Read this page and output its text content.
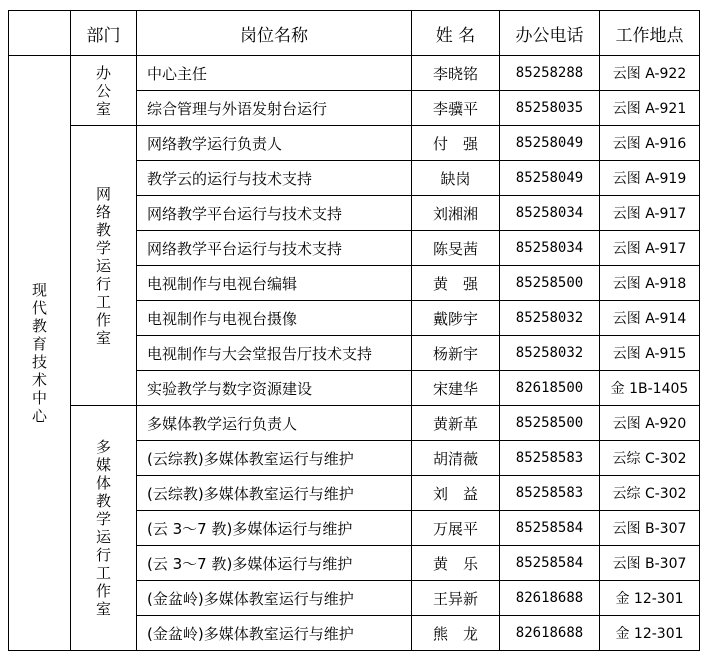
	部门	岗位名称	姓 名	办公电话	工作地点
现代教育技术中心	办公室	中心主任	李晓铭	85258288	云图 A-922
		综合管理与外语发射台运行	李骥平	85258035	云图 A-921
	网络教学运行工作室	网络教学运行负责人	付　强	85258049	云图 A-916
		教学云的运行与技术支持	缺岗	85258049	云图 A-919
		网络教学平台运行与技术支持	刘湘湘	85258034	云图 A-917
		网络教学平台运行与技术支持	陈旻茜	85258034	云图 A-917
		电视制作与电视台编辑	黄　强	85258500	云图 A-918
		电视制作与电视台摄像	戴陟宇	85258032	云图 A-914
		电视制作与大会堂报告厅技术支持	杨新宇	85258032	云图 A-915
		实验教学与数字资源建设	宋建华	82618500	金 1B-1405
	多媒体教学运行工作室	多媒体教学运行负责人	黄新革	85258500	云图 A-920
		(云综教)多媒体教室运行与维护	胡清薇	85258583	云综 C-302
		(云综教)多媒体教室运行与维护	刘　益	85258583	云综 C-302
		(云 3～7 教)多媒体运行与维护	万展平	85258584	云图 B-307
		(云 3～7 教)多媒体运行与维护	黄　乐	85258584	云图 B-307
		(金盆岭)多媒体教室运行与维护	王异新	82618688	金 12-301
		(金盆岭)多媒体教室运行与维护	熊　龙	82618688	金 12-301
